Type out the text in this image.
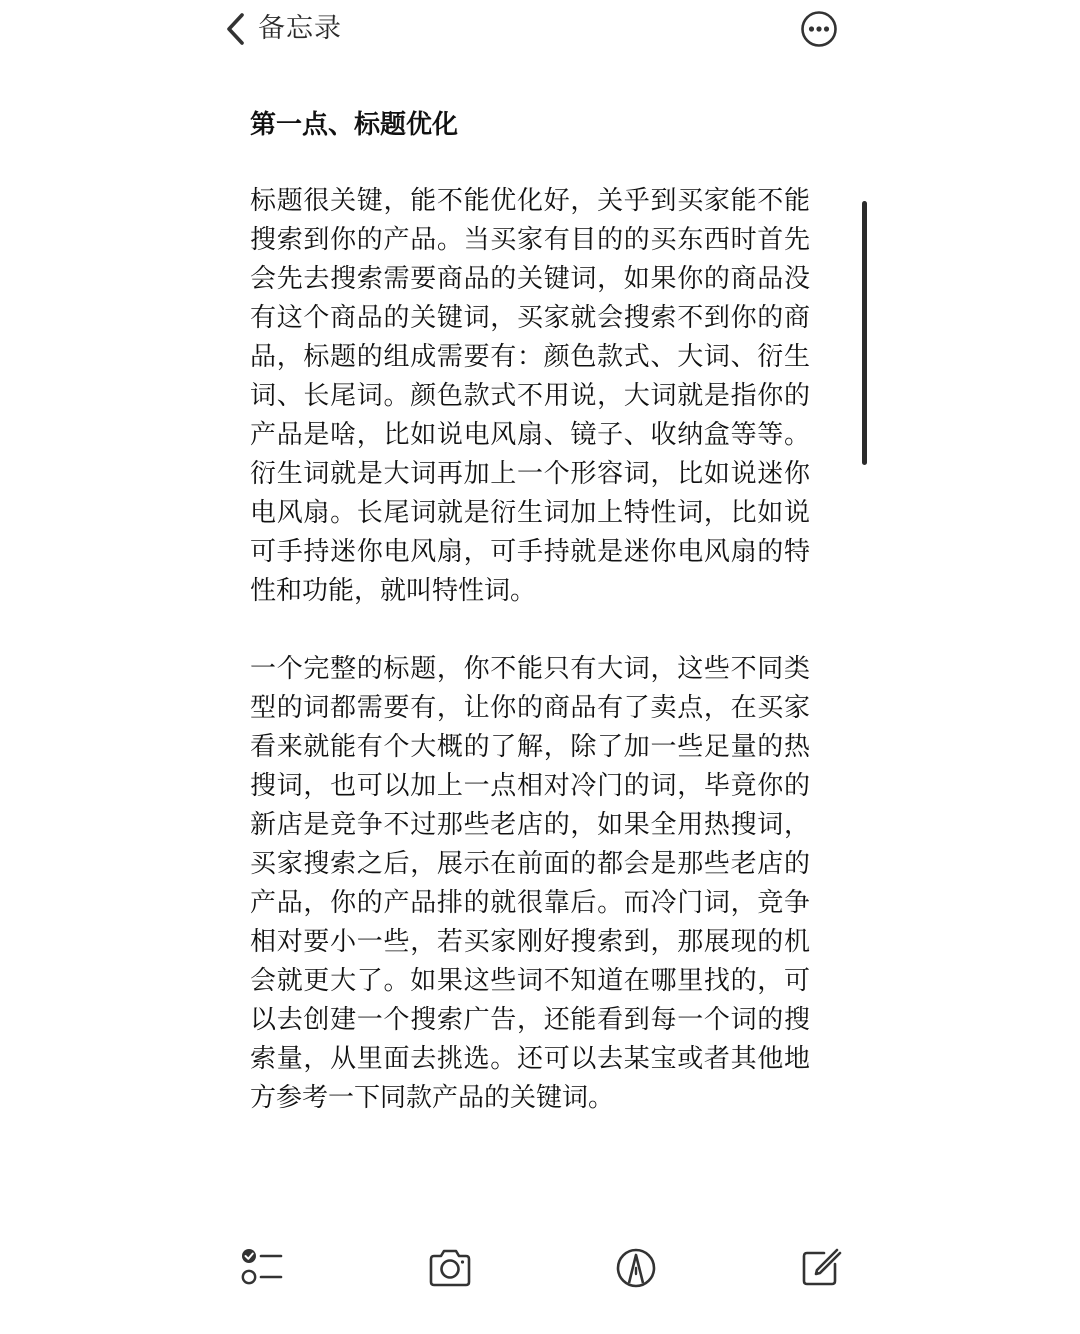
备忘录
第一点、标题优化

标题很关键，能不能优化好，关乎到买家能不能搜索到你的产品。当买家有目的的买东西时首先会先去搜索需要商品的关键词，如果你的商品没有这个商品的关键词，买家就会搜索不到你的商品，标题的组成需要有：颜色款式、大词、衍生词、长尾词。颜色款式不用说，大词就是指你的产品是啥，比如说电风扇、镜子、收纳盒等等。衍生词就是大词再加上一个形容词，比如说迷你电风扇。长尾词就是衍生词加上特性词，比如说可手持迷你电风扇，可手持就是迷你电风扇的特性和功能，就叫特性词。

一个完整的标题，你不能只有大词，这些不同类型的词都需要有，让你的商品有了卖点，在买家看来就能有个大概的了解，除了加一些足量的热搜词，也可以加上一点相对冷门的词，毕竟你的新店是竞争不过那些老店的，如果全用热搜词，买家搜索之后，展示在前面的都会是那些老店的产品，你的产品排的就很靠后。而冷门词，竞争相对要小一些，若买家刚好搜索到，那展现的机会就更大了。如果这些词不知道在哪里找的，可以去创建一个搜索广告，还能看到每一个词的搜索量，从里面去挑选。还可以去某宝或者其他地方参考一下同款产品的关键词。
